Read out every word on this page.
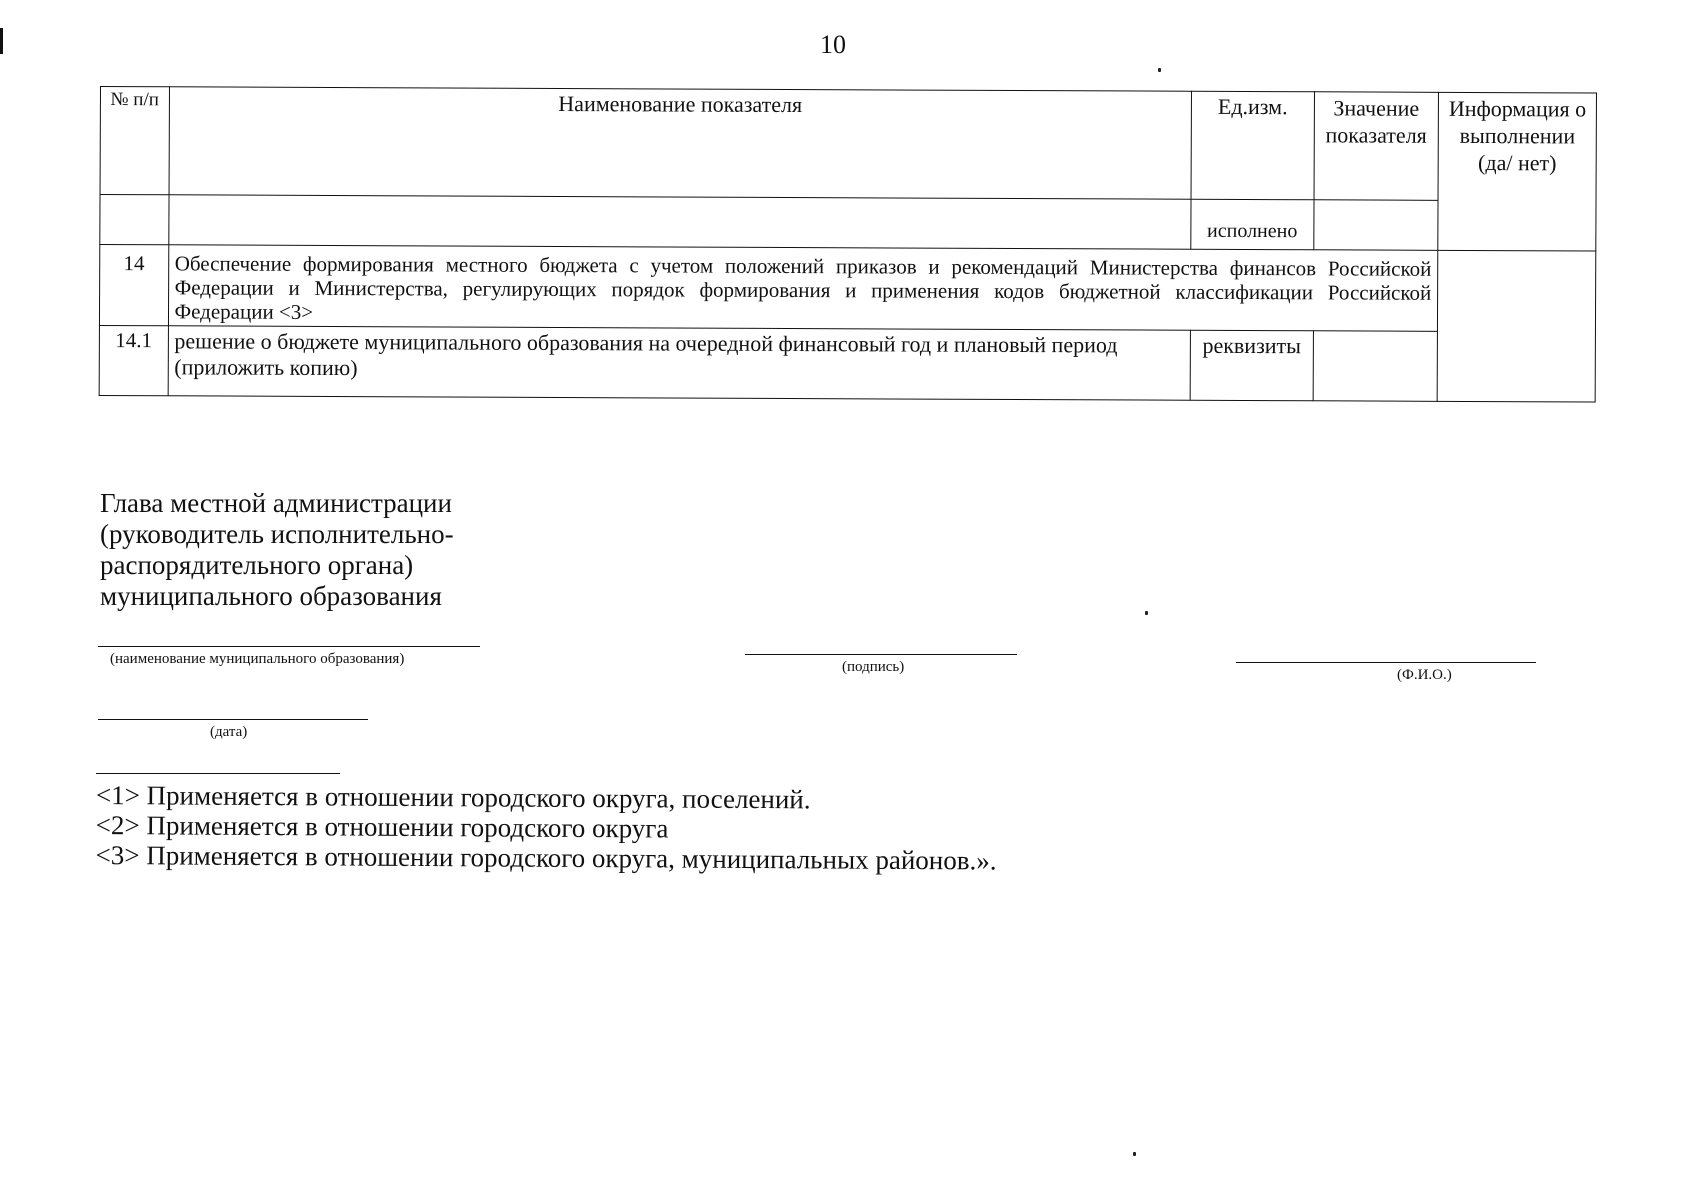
10
№ п/п	Наименование показателя	Ед.изм.	Значение показателя	Информация о выполнении (да/ нет)
		исполнено		
14	Обеспечение формирования местного бюджета с учетом положений приказов и рекомендаций Министерства финансов Российской Федерации и Министерства, регулирующих порядок формирования и применения кодов бюджетной классификации Российской Федерации <3>			
14.1	решение о бюджете муниципального образования на очередной финансовый год и плановый период (приложить копию)	реквизиты		
Глава местной администрации
(руководитель исполнительно-
распорядительного органа)
муниципального образования
(наименование муниципального образования)	(подпись)	(Ф.И.О.)
(дата)
<1> Применяется в отношении городского округа, поселений.
<2> Применяется в отношении городского округа
<3> Применяется в отношении городского округа, муниципальных районов.».
